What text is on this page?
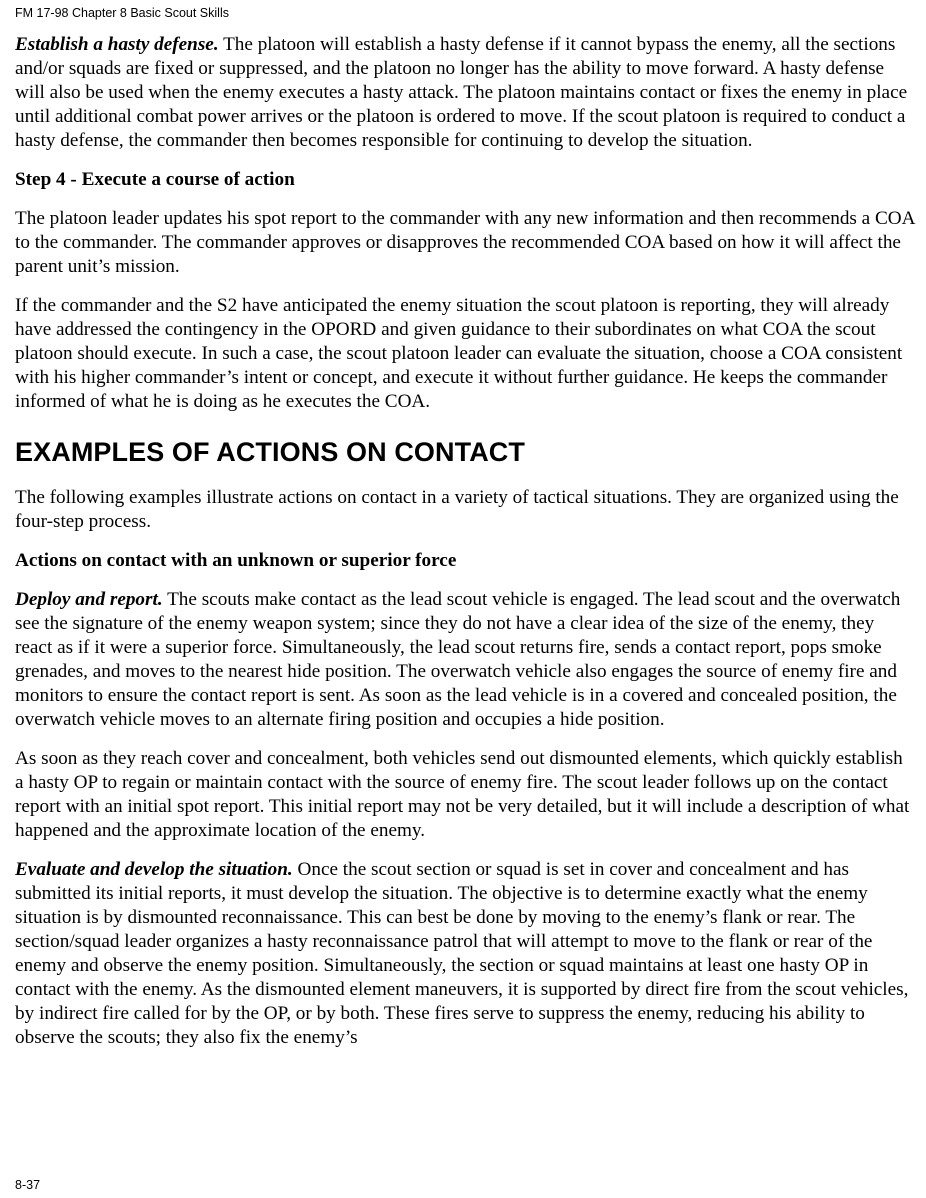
FM 17-98 Chapter 8 Basic Scout Skills

Establish a hasty defense. The platoon will establish a hasty defense if it cannot bypass the enemy, all the sections and/or squads are fixed or suppressed, and the platoon no longer has the ability to move forward. A hasty defense will also be used when the enemy executes a hasty attack. The platoon maintains contact or fixes the enemy in place until additional combat power arrives or the platoon is ordered to move. If the scout platoon is required to conduct a hasty defense, the commander then becomes responsible for continuing to develop the situation.

Step 4 - Execute a course of action

The platoon leader updates his spot report to the commander with any new information and then recommends a COA to the commander. The commander approves or disapproves the recommended COA based on how it will affect the parent unit’s mission.

If the commander and the S2 have anticipated the enemy situation the scout platoon is reporting, they will already have addressed the contingency in the OPORD and given guidance to their subordinates on what COA the scout platoon should execute. In such a case, the scout platoon leader can evaluate the situation, choose a COA consistent with his higher commander’s intent or concept, and execute it without further guidance. He keeps the commander informed of what he is doing as he executes the COA.

EXAMPLES OF ACTIONS ON CONTACT

The following examples illustrate actions on contact in a variety of tactical situations. They are organized using the four-step process.

Actions on contact with an unknown or superior force

Deploy and report. The scouts make contact as the lead scout vehicle is engaged. The lead scout and the overwatch see the signature of the enemy weapon system; since they do not have a clear idea of the size of the enemy, they react as if it were a superior force. Simultaneously, the lead scout returns fire, sends a contact report, pops smoke grenades, and moves to the nearest hide position. The overwatch vehicle also engages the source of enemy fire and monitors to ensure the contact report is sent. As soon as the lead vehicle is in a covered and concealed position, the overwatch vehicle moves to an alternate firing position and occupies a hide position.

As soon as they reach cover and concealment, both vehicles send out dismounted elements, which quickly establish a hasty OP to regain or maintain contact with the source of enemy fire. The scout leader follows up on the contact report with an initial spot report. This initial report may not be very detailed, but it will include a description of what happened and the approximate location of the enemy.

Evaluate and develop the situation. Once the scout section or squad is set in cover and concealment and has submitted its initial reports, it must develop the situation. The objective is to determine exactly what the enemy situation is by dismounted reconnaissance. This can best be done by moving to the enemy’s flank or rear. The section/squad leader organizes a hasty reconnaissance patrol that will attempt to move to the flank or rear of the enemy and observe the enemy position. Simultaneously, the section or squad maintains at least one hasty OP in contact with the enemy. As the dismounted element maneuvers, it is supported by direct fire from the scout vehicles, by indirect fire called for by the OP, or by both. These fires serve to suppress the enemy, reducing his ability to observe the scouts; they also fix the enemy’s

8-37
